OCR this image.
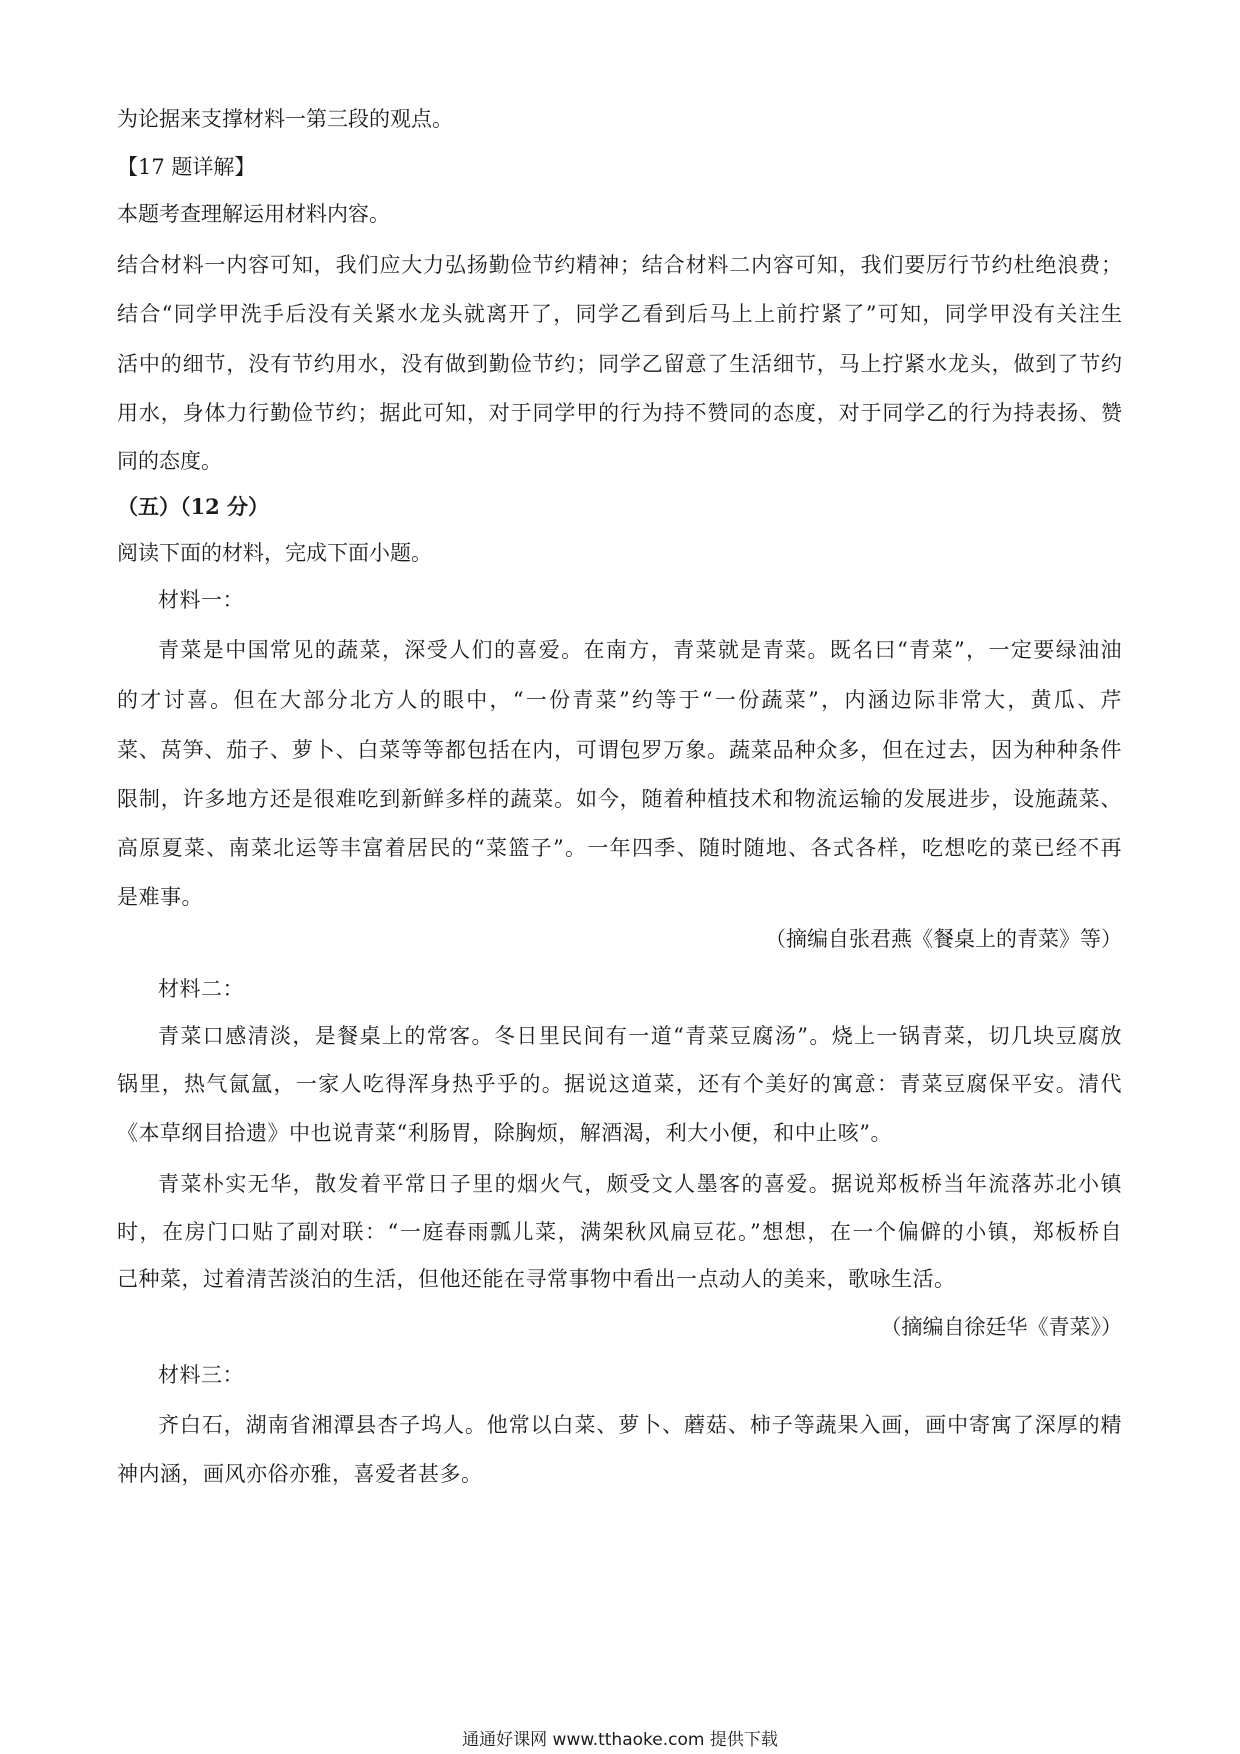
为论据来支撑材料一第三段的观点。
【17 题详解】
本题考查理解运用材料内容。
结合材料一内容可知，我们应大力弘扬勤俭节约精神；结合材料二内容可知，我们要厉行节约杜绝浪费；
结合“同学甲洗手后没有关紧水龙头就离开了，同学乙看到后马上上前拧紧了”可知，同学甲没有关注生
活中的细节，没有节约用水，没有做到勤俭节约；同学乙留意了生活细节，马上拧紧水龙头，做到了节约
用水，身体力行勤俭节约；据此可知，对于同学甲的行为持不赞同的态度，对于同学乙的行为持表扬、赞
同的态度。
（五）（12 分）
阅读下面的材料，完成下面小题。
材料一：
青菜是中国常见的蔬菜，深受人们的喜爱。在南方，青菜就是青菜。既名曰“青菜”，一定要绿油油
的才讨喜。但在大部分北方人的眼中，“一份青菜”约等于“一份蔬菜”，内涵边际非常大，黄瓜、芹
菜、莴笋、茄子、萝卜、白菜等等都包括在内，可谓包罗万象。蔬菜品种众多，但在过去，因为种种条件
限制，许多地方还是很难吃到新鲜多样的蔬菜。如今，随着种植技术和物流运输的发展进步，设施蔬菜、
高原夏菜、南菜北运等丰富着居民的“菜篮子”。一年四季、随时随地、各式各样，吃想吃的菜已经不再
是难事。
（摘编自张君燕《餐桌上的青菜》等）
材料二：
青菜口感清淡，是餐桌上的常客。冬日里民间有一道“青菜豆腐汤”。烧上一锅青菜，切几块豆腐放
锅里，热气氤氲，一家人吃得浑身热乎乎的。据说这道菜，还有个美好的寓意：青菜豆腐保平安。清代
《本草纲目拾遗》中也说青菜“利肠胃，除胸烦，解酒渴，利大小便，和中止咳”。
青菜朴实无华，散发着平常日子里的烟火气，颇受文人墨客的喜爱。据说郑板桥当年流落苏北小镇
时，在房门口贴了副对联：“一庭春雨瓢儿菜，满架秋风扁豆花。”想想，在一个偏僻的小镇，郑板桥自
己种菜，过着清苦淡泊的生活，但他还能在寻常事物中看出一点动人的美来，歌咏生活。
（摘编自徐廷华《青菜》）
材料三：
齐白石，湖南省湘潭县杏子坞人。他常以白菜、萝卜、蘑菇、柿子等蔬果入画，画中寄寓了深厚的精
神内涵，画风亦俗亦雅，喜爱者甚多。
通通好课网 www.tthaoke.com 提供下载
